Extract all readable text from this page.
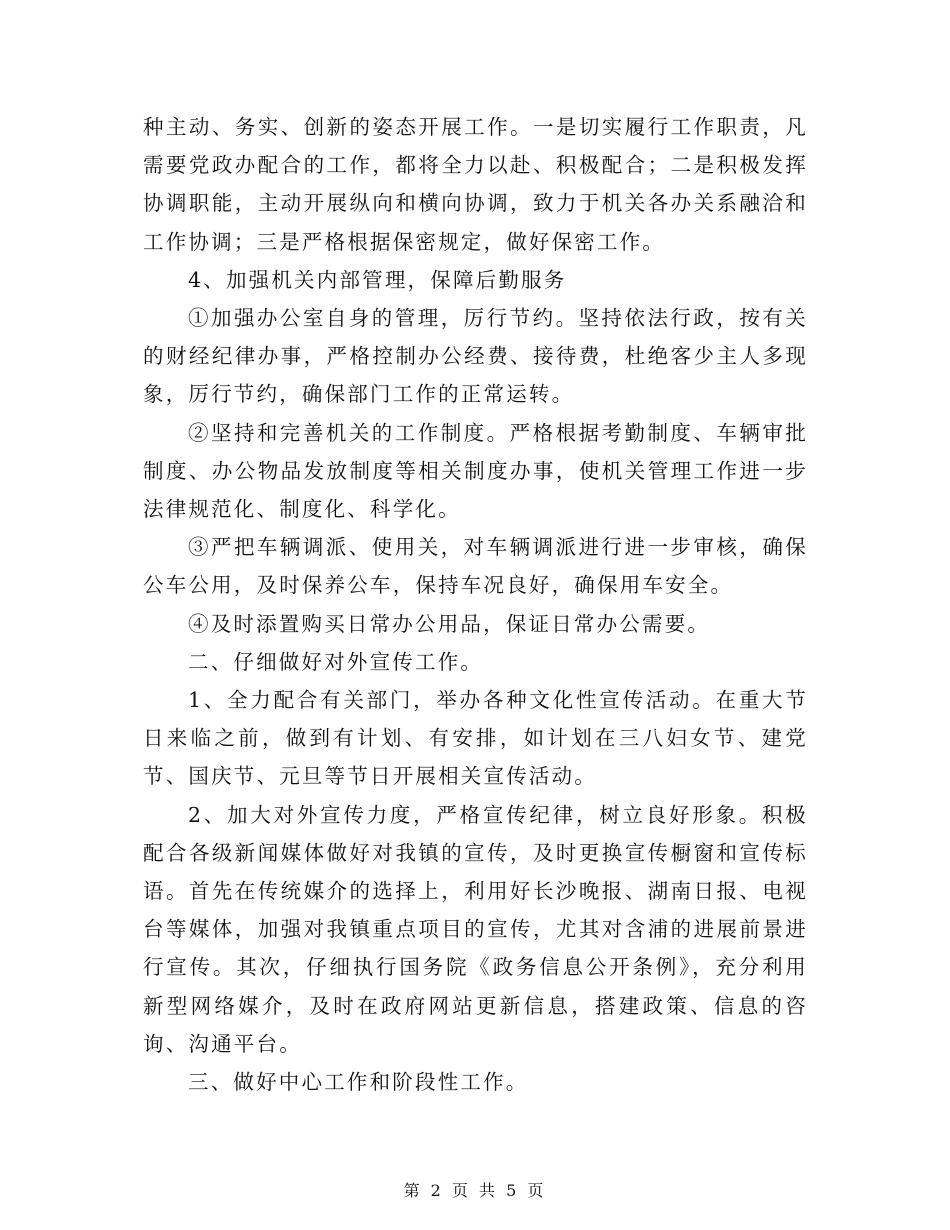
种主动、务实、创新的姿态开展工作。一是切实履行工作职责，凡需要党政办配合的工作，都将全力以赴、积极配合；二是积极发挥协调职能，主动开展纵向和横向协调，致力于机关各办关系融洽和工作协调；三是严格根据保密规定，做好保密工作。

4、加强机关内部管理，保障后勤服务

①加强办公室自身的管理，厉行节约。坚持依法行政，按有关的财经纪律办事，严格控制办公经费、接待费，杜绝客少主人多现象，厉行节约，确保部门工作的正常运转。

②坚持和完善机关的工作制度。严格根据考勤制度、车辆审批制度、办公物品发放制度等相关制度办事，使机关管理工作进一步法律规范化、制度化、科学化。

③严把车辆调派、使用关，对车辆调派进行进一步审核，确保公车公用，及时保养公车，保持车况良好，确保用车安全。

④及时添置购买日常办公用品，保证日常办公需要。

二、仔细做好对外宣传工作。

1、全力配合有关部门，举办各种文化性宣传活动。在重大节日来临之前，做到有计划、有安排，如计划在三八妇女节、建党节、国庆节、元旦等节日开展相关宣传活动。

2、加大对外宣传力度，严格宣传纪律，树立良好形象。积极配合各级新闻媒体做好对我镇的宣传，及时更换宣传橱窗和宣传标语。首先在传统媒介的选择上，利用好长沙晚报、湖南日报、电视台等媒体，加强对我镇重点项目的宣传，尤其对含浦的进展前景进行宣传。其次，仔细执行国务院《政务信息公开条例》，充分利用新型网络媒介，及时在政府网站更新信息，搭建政策、信息的咨询、沟通平台。

三、做好中心工作和阶段性工作。

第 2 页 共 5 页
